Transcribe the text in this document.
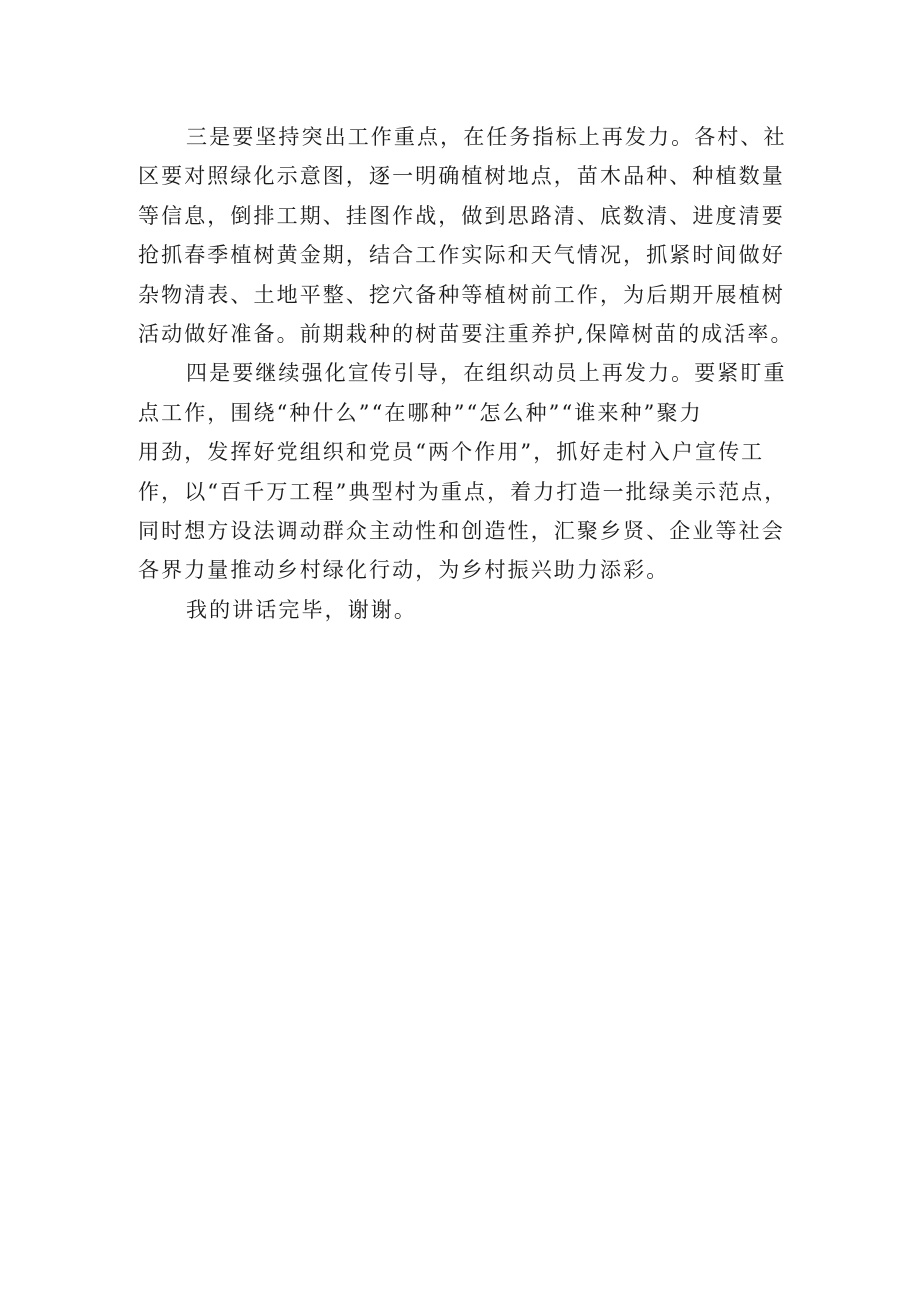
三是要坚持突出工作重点，在任务指标上再发力。各村、社
区要对照绿化示意图，逐一明确植树地点，苗木品种、种植数量
等信息，倒排工期、挂图作战，做到思路清、底数清、进度清要
抢抓春季植树黄金期，结合工作实际和天气情况，抓紧时间做好
杂物清表、土地平整、挖穴备种等植树前工作，为后期开展植树
活动做好准备。前期栽种的树苗要注重养护,保障树苗的成活率。
四是要继续强化宣传引导，在组织动员上再发力。要紧盯重
点工作，围绕“种什么”“在哪种”“怎么种”“谁来种”聚力
用劲，发挥好党组织和党员“两个作用”，抓好走村入户宣传工
作，以“百千万工程”典型村为重点，着力打造一批绿美示范点，
同时想方设法调动群众主动性和创造性，汇聚乡贤、企业等社会
各界力量推动乡村绿化行动，为乡村振兴助力添彩。
我的讲话完毕，谢谢。
